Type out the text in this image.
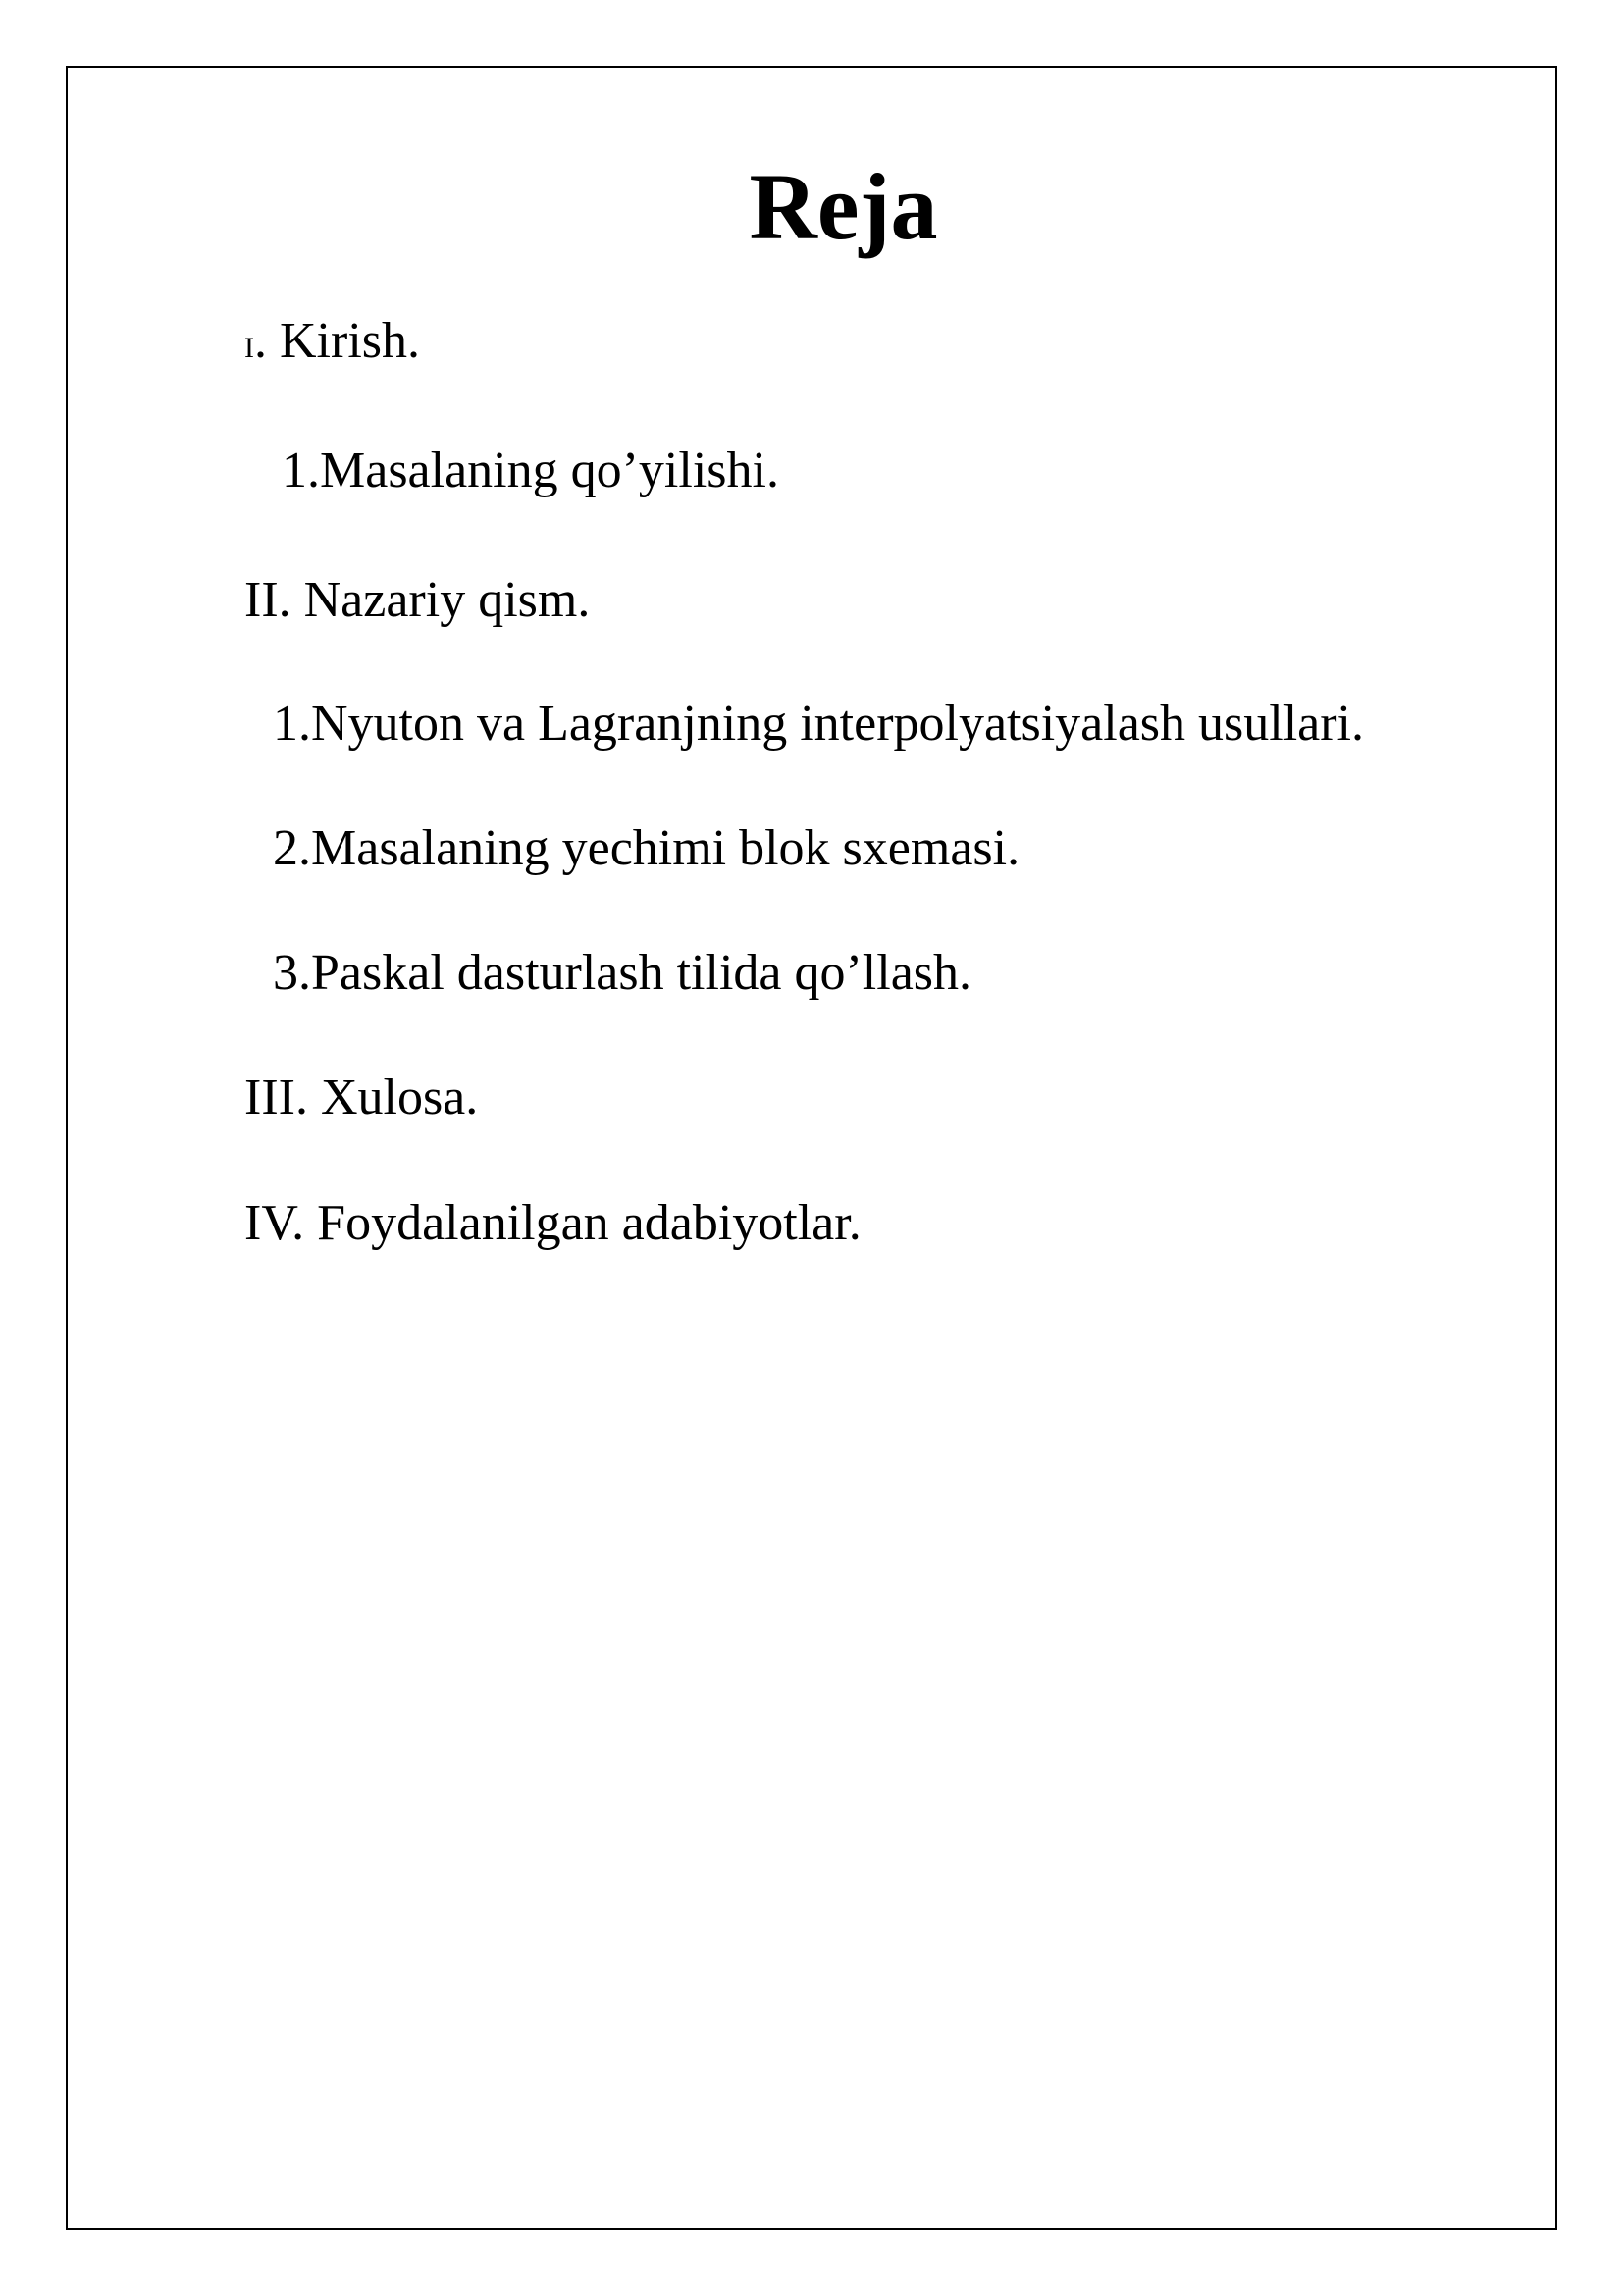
Reja

I. Kirish.

1.Masalaning qo’yilishi.

II. Nazariy qism.

1.Nyuton va Lagranjning interpolyatsiyalash usullari.

2.Masalaning yechimi blok sxemasi.

3.Paskal dasturlash tilida qo’llash.

III. Xulosa.

IV. Foydalanilgan adabiyotlar.
